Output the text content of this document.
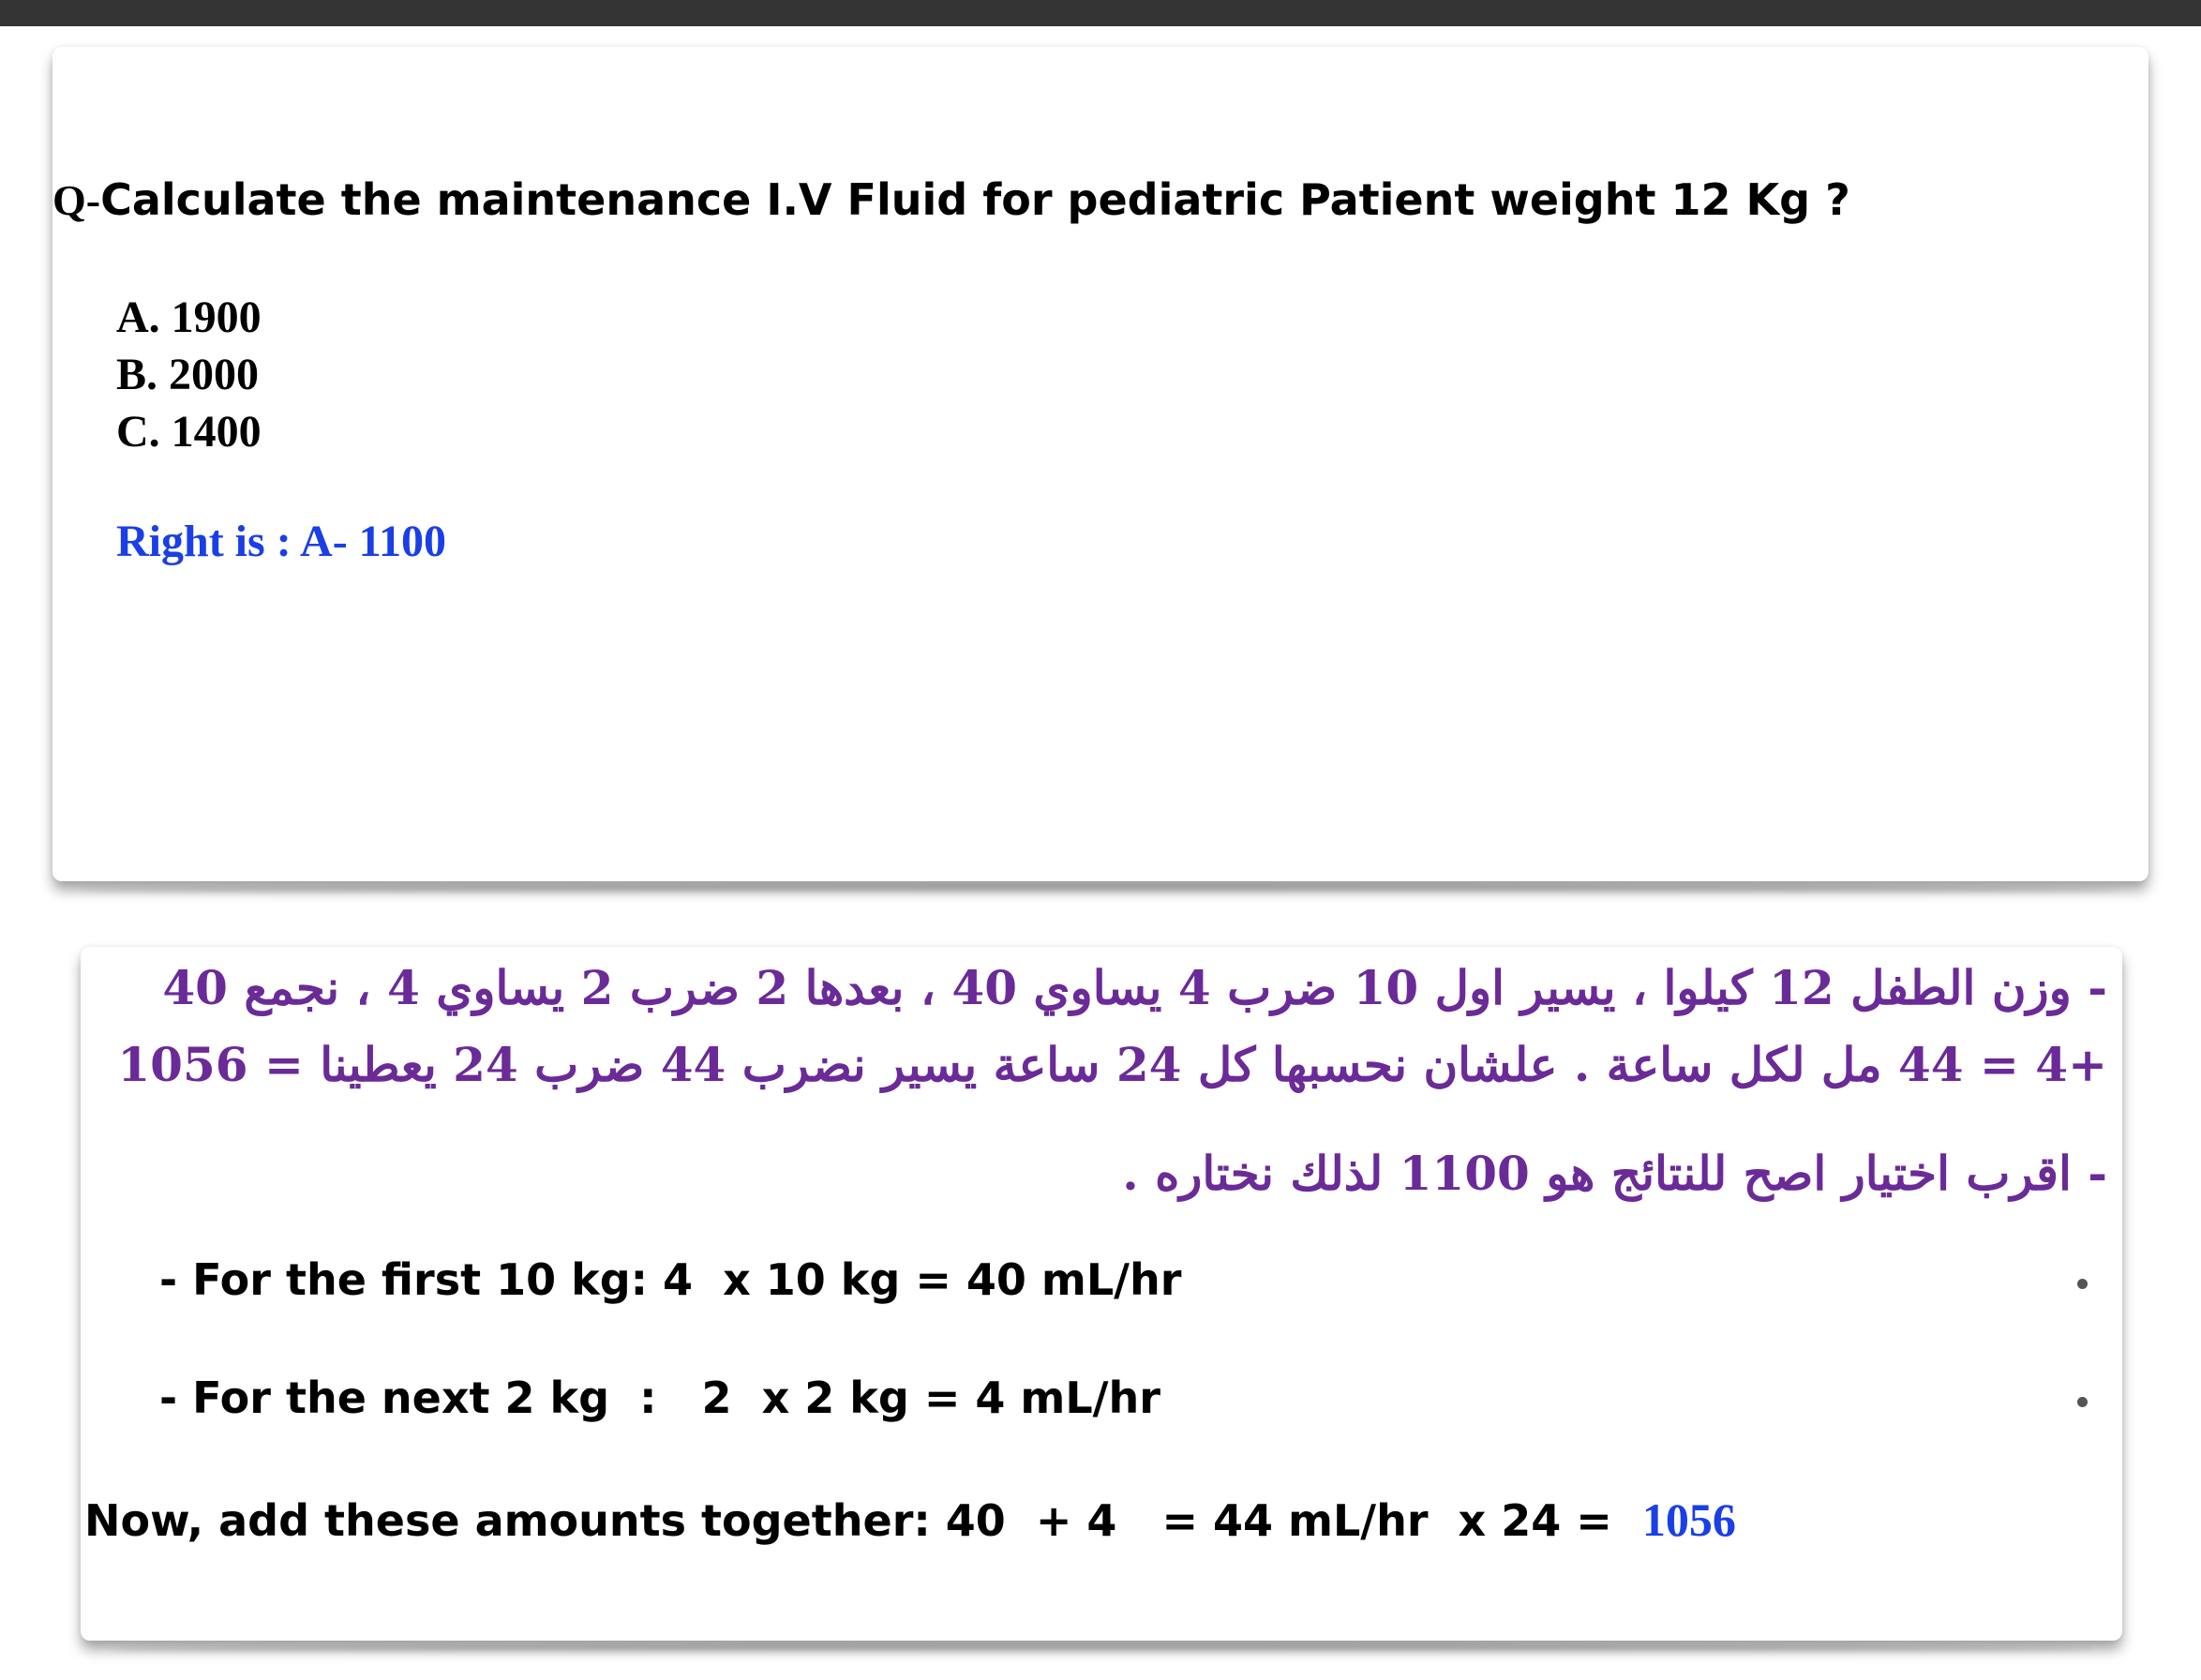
Q-Calculate the maintenance I.V Fluid for pediatric Patient weight 12 Kg ?
A. 1900
B. 2000
C. 1400
Right is : A- 1100
- وزن الطفل 12 كيلوا ، يسير اول 10 ضرب 4 يساوي 40 ، بعدها 2 ضرب 2 يساوي 4 ، نجمع 40
+4 = 44 مل لكل ساعة . علشان نحسبها كل 24 ساعة يسير نضرب 44 ضرب 24 يعطينا = 1056
- اقرب اختيار اصح للنتائج هو 1100 لذلك نختاره .
- For the first 10 kg: 4  x 10 kg = 40 mL/hr
- For the next 2 kg  :   2  x 2 kg = 4 mL/hr
Now, add these amounts together: 40  + 4   = 44 mL/hr  x 24 =  1056
